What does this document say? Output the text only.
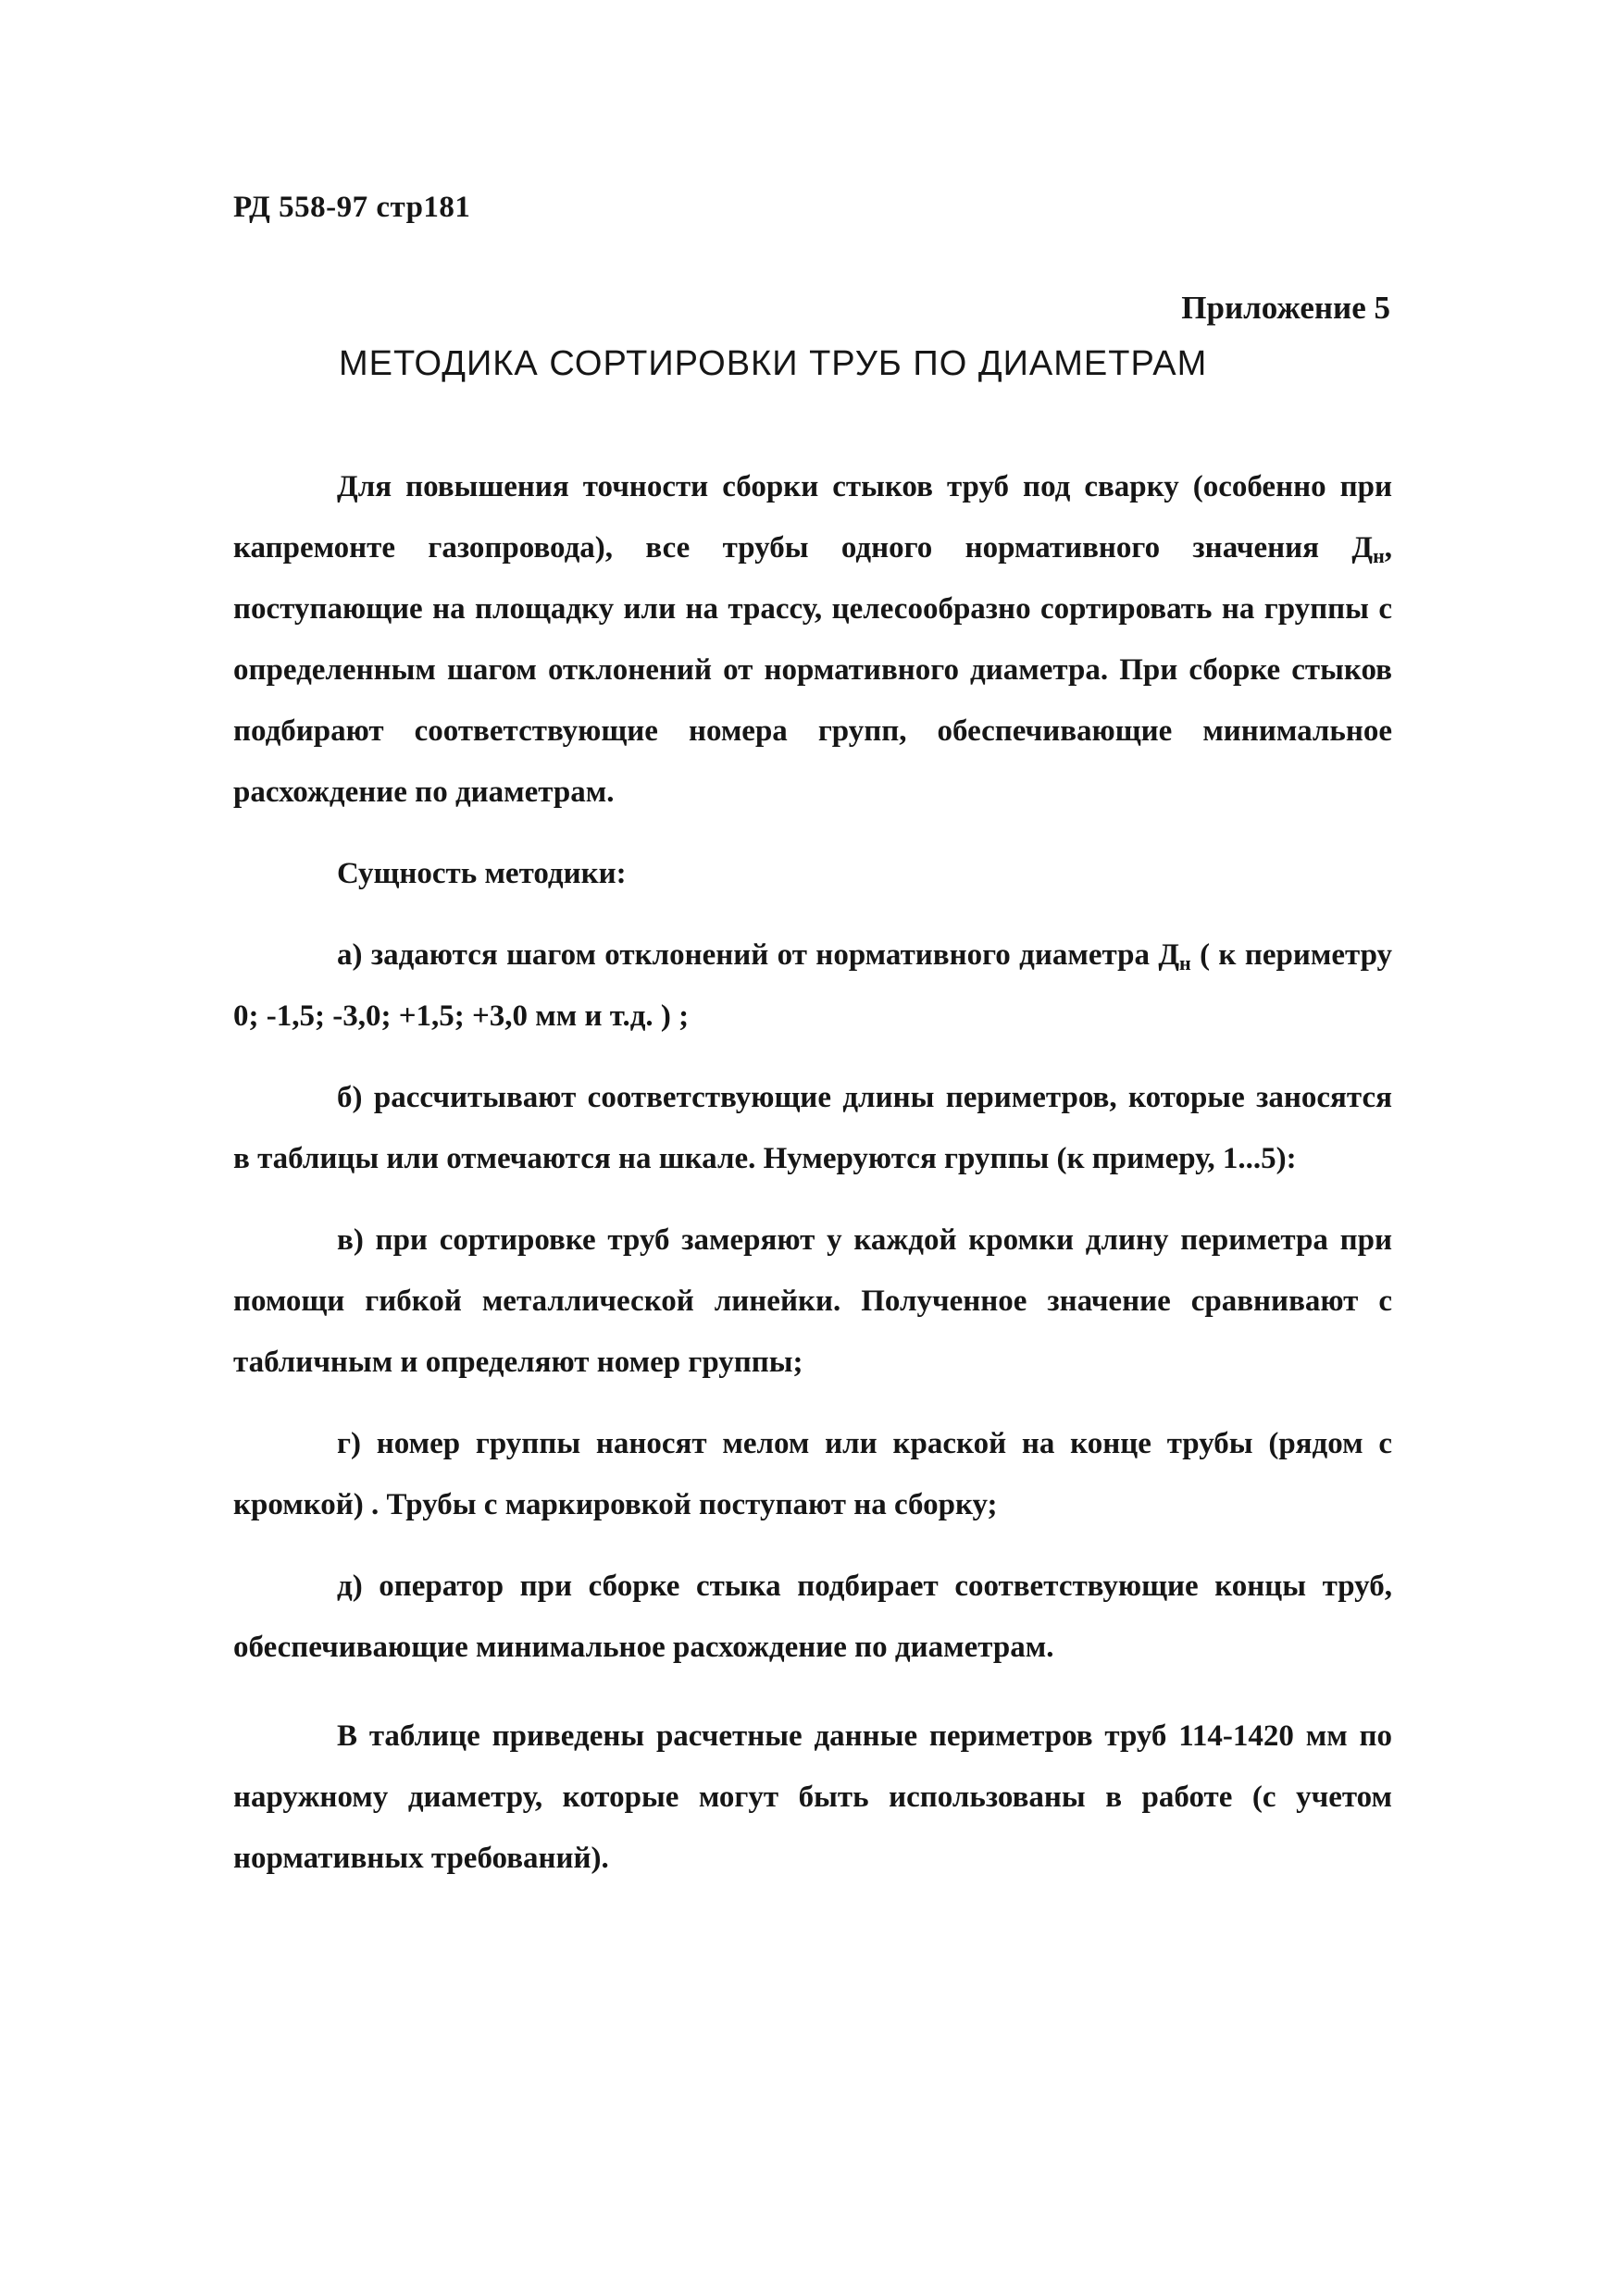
РД 558-97 стр181
Приложение 5
МЕТОДИКА СОРТИРОВКИ ТРУБ ПО ДИАМЕТРАМ

Для повышения точности сборки стыков труб под сварку (особенно при капремонте газопровода), все трубы одного нормативного значения $Д_н$, поступающие на площадку или на трассу, целесообразно сортировать на группы с определенным шагом отклонений от нормативного диаметра. При сборке стыков подбирают соответствующие номера групп, обеспечивающие минимальное расхождение по диаметрам.

Сущность методики:

а) задаются шагом отклонений от нормативного диаметра $Д_н$ ( к периметру 0; -1,5; -3,0; +1,5; +3,0 мм и т.д. ) ;

б) рассчитывают соответствующие длины периметров, которые заносятся в таблицы или отмечаются на шкале. Нумеруются группы (к примеру, 1...5):

в) при сортировке труб замеряют у каждой кромки длину периметра при помощи гибкой металлической линейки. Полученное значение сравнивают с табличным и определяют номер группы;

г) номер группы наносят мелом или краской на конце трубы (рядом с кромкой) . Трубы с маркировкой поступают на сборку;

д) оператор при сборке стыка подбирает соответствующие концы труб, обеспечивающие минимальное расхождение по диаметрам.

В таблице приведены расчетные данные периметров труб 114-1420 мм по наружному диаметру, которые могут быть использованы в работе (с учетом нормативных требований).
